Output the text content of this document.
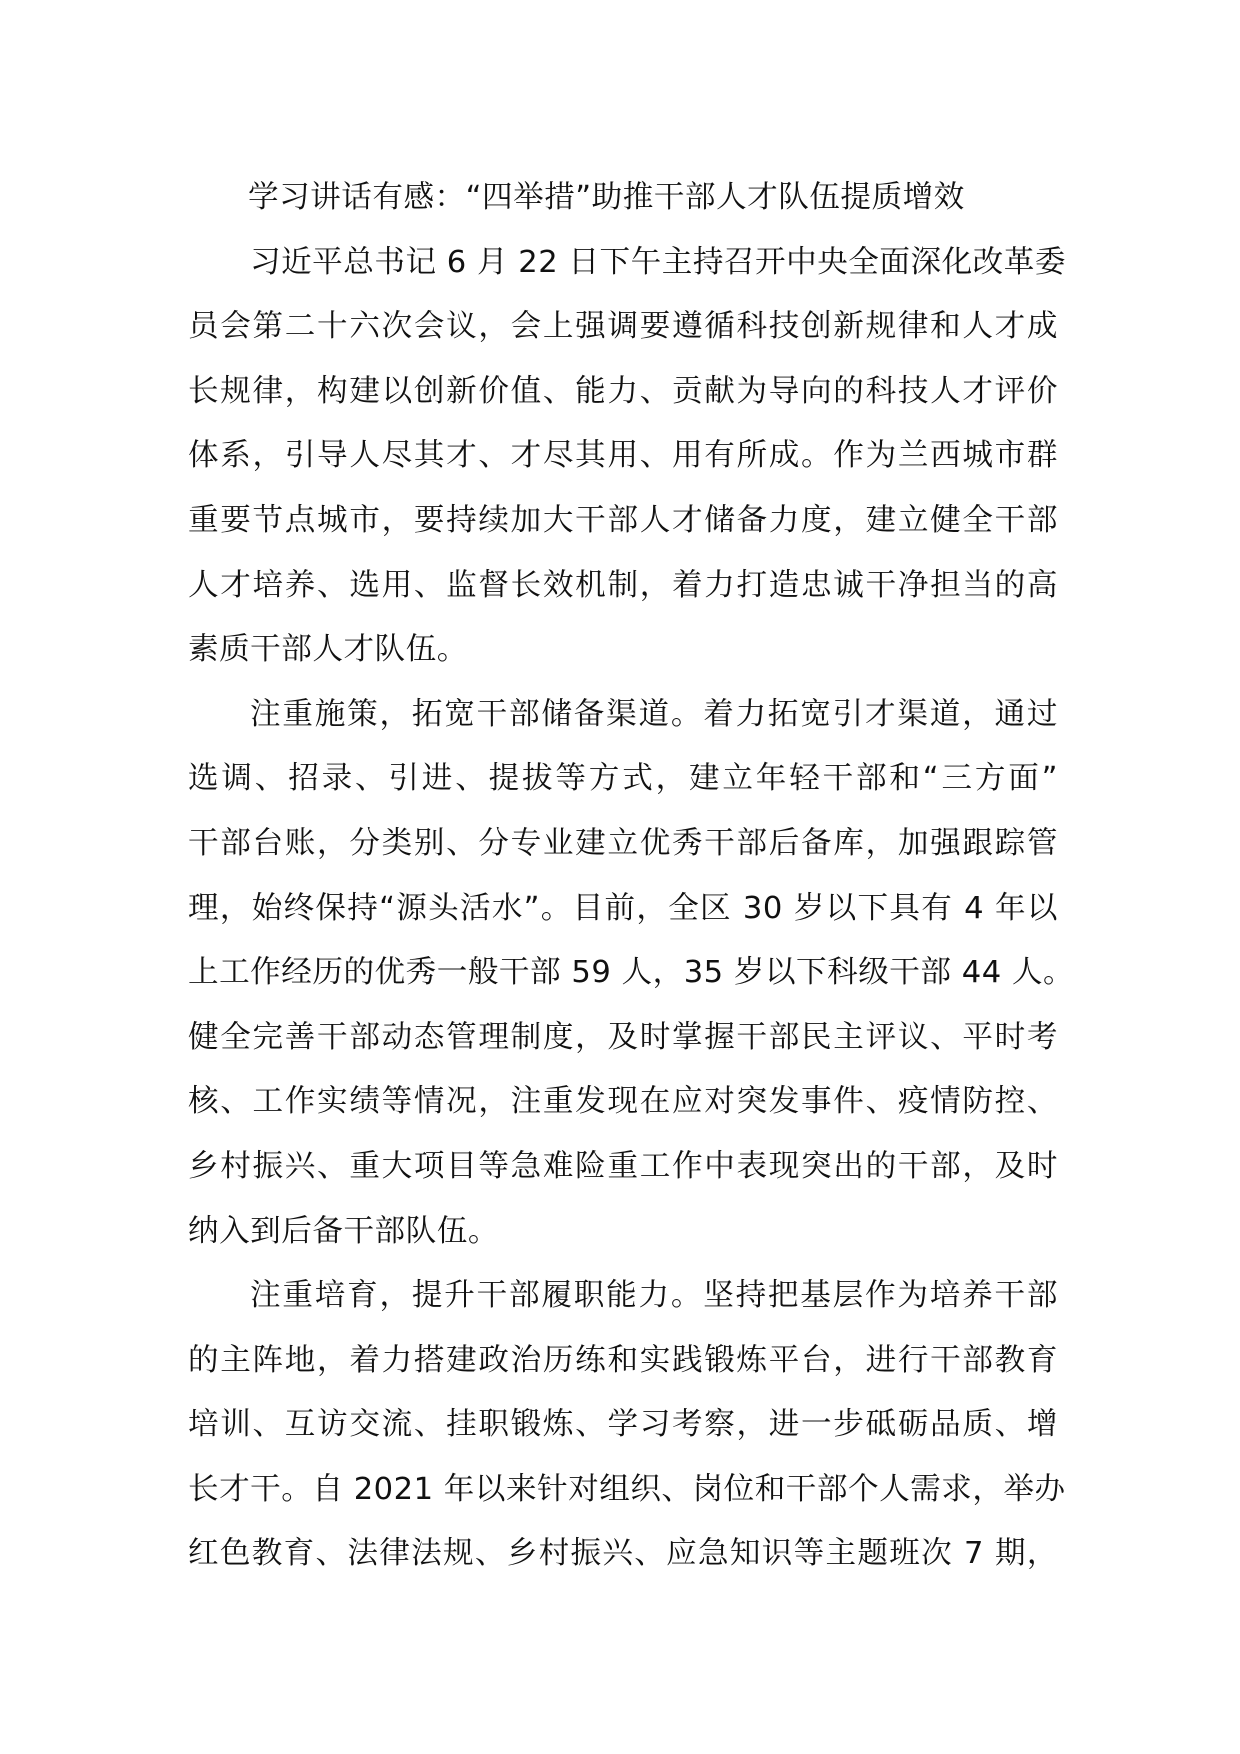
学习讲话有感：“四举措”助推干部人才队伍提质增效
习近平总书记 6 月 22 日下午主持召开中央全面深化改革委
员会第二十六次会议，会上强调要遵循科技创新规律和人才成
长规律，构建以创新价值、能力、贡献为导向的科技人才评价
体系，引导人尽其才、才尽其用、用有所成。作为兰西城市群
重要节点城市，要持续加大干部人才储备力度，建立健全干部
人才培养、选用、监督长效机制，着力打造忠诚干净担当的高
素质干部人才队伍。
注重施策，拓宽干部储备渠道。着力拓宽引才渠道，通过
选调、招录、引进、提拔等方式，建立年轻干部和“三方面”
干部台账，分类别、分专业建立优秀干部后备库，加强跟踪管
理，始终保持“源头活水”。目前，全区 30 岁以下具有 4 年以
上工作经历的优秀一般干部 59 人，35 岁以下科级干部 44 人。
健全完善干部动态管理制度，及时掌握干部民主评议、平时考
核、工作实绩等情况，注重发现在应对突发事件、疫情防控、
乡村振兴、重大项目等急难险重工作中表现突出的干部，及时
纳入到后备干部队伍。
注重培育，提升干部履职能力。坚持把基层作为培养干部
的主阵地，着力搭建政治历练和实践锻炼平台，进行干部教育
培训、互访交流、挂职锻炼、学习考察，进一步砥砺品质、增
长才干。自 2021 年以来针对组织、岗位和干部个人需求，举办
红色教育、法律法规、乡村振兴、应急知识等主题班次 7 期，
